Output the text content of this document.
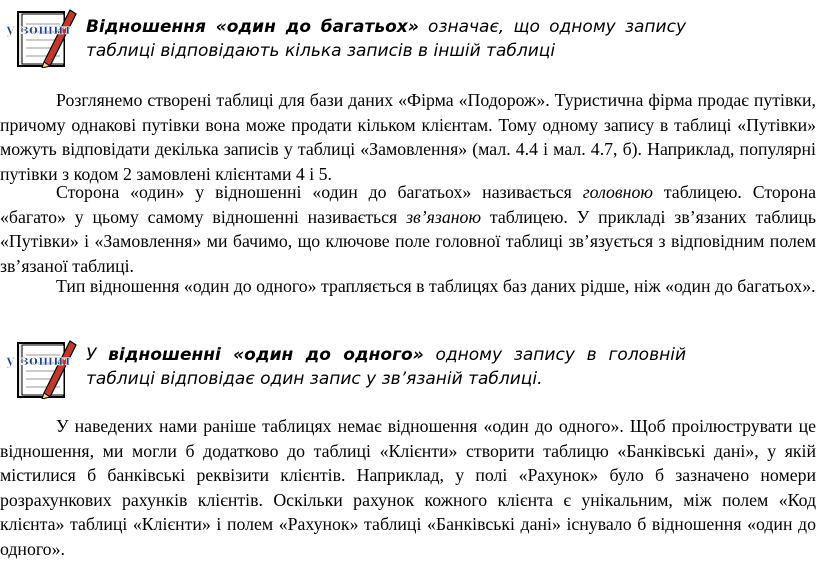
у зошит Відношення «один до багатьох» означає, що одному запису таблиці відповідають кілька записів в іншій таблиці

Розглянемо створені таблиці для бази даних «Фірма «Подорож». Туристична фірма продає путівки, причому однакові путівки вона може продати кільком клієнтам. Тому одному запису в таблиці «Путівки» можуть відповідати декілька записів у таблиці «Замовлення» (мал. 4.4 і мал. 4.7, б). Наприклад, популярні путівки з кодом 2 замовлені клієнтами 4 і 5.

Сторона «один» у відношенні «один до багатьох» називається головною таблицею. Сторона «багато» у цьому самому відношенні називається зв’язаною таблицею. У прикладі зв’язаних таблиць «Путівки» і «Замовлення» ми бачимо, що ключове поле головної таблиці зв’язується з відповідним полем зв’язаної таблиці.

Тип відношення «один до одного» трапляється в таблицях баз даних рідше, ніж «один до багатьох».

у зошит У відношенні «один до одного» одному запису в головній таблиці відповідає один запис у зв’язаній таблиці.

У наведених нами раніше таблицях немає відношення «один до одного». Щоб проілюструвати це відношення, ми могли б додатково до таблиці «Клієнти» створити таблицю «Банківські дані», у якій містилися б банківські реквізити клієнтів. Наприклад, у полі «Рахунок» було б зазначено номери розрахункових рахунків клієнтів. Оскільки рахунок кожного клієнта є унікальним, між полем «Код клієнта» таблиці «Клієнти» і полем «Рахунок» таблиці «Банківські дані» існувало б відношення «один до одного».
